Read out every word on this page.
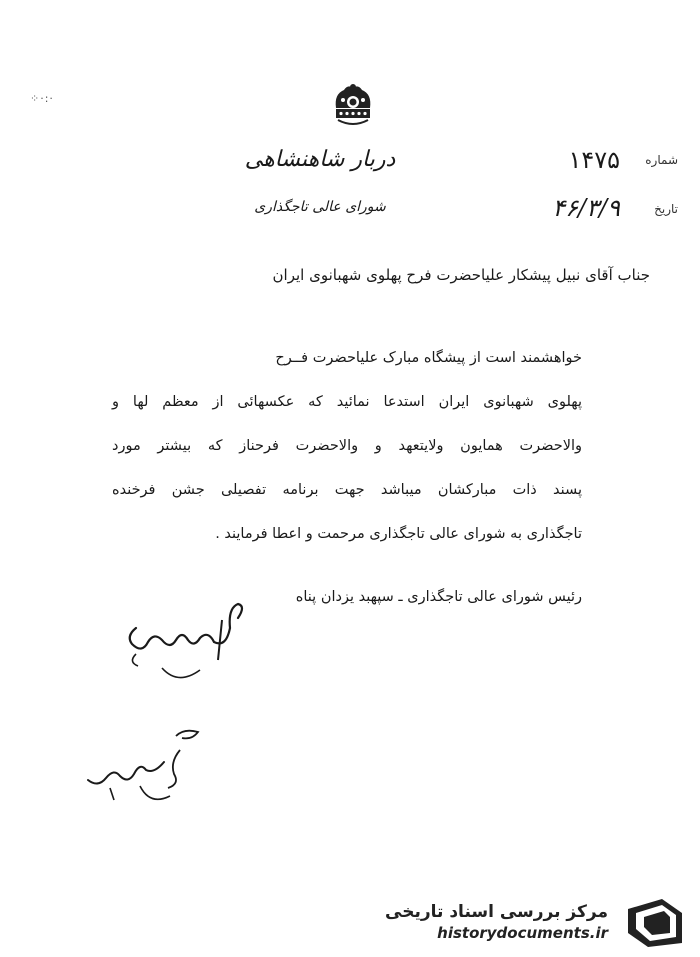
⁘·:·
دربار شاهنشاهی
شورای عالی تاجگذاری
شماره
۱۴۷۵
تاریخ
۴۶/۳/۹
جناب آقای نبیل پیشکار علیاحضرت فرح پهلوی شهبانوی ایران
خواهشمند است از پیشگاه مبارک علیاحضرت فــرح
پهلوی شهبانوی ایران استدعا نمائید که عکسهائی از معظم لها و
والاحضرت همایون ولایتعهد و والاحضرت فرحناز که بیشتر مورد
پسند ذات مبارکشان میباشد جهت برنامه تفصیلی جشن فرخنده
تاجگذاری به شورای عالی تاجگذاری مرحمت و اعطا فرمایند .
رئیس شورای عالی تاجگذاری ـ سپهبد یزدان پناه
مرکز بررسی اسناد تاریخی
historydocuments.ir
